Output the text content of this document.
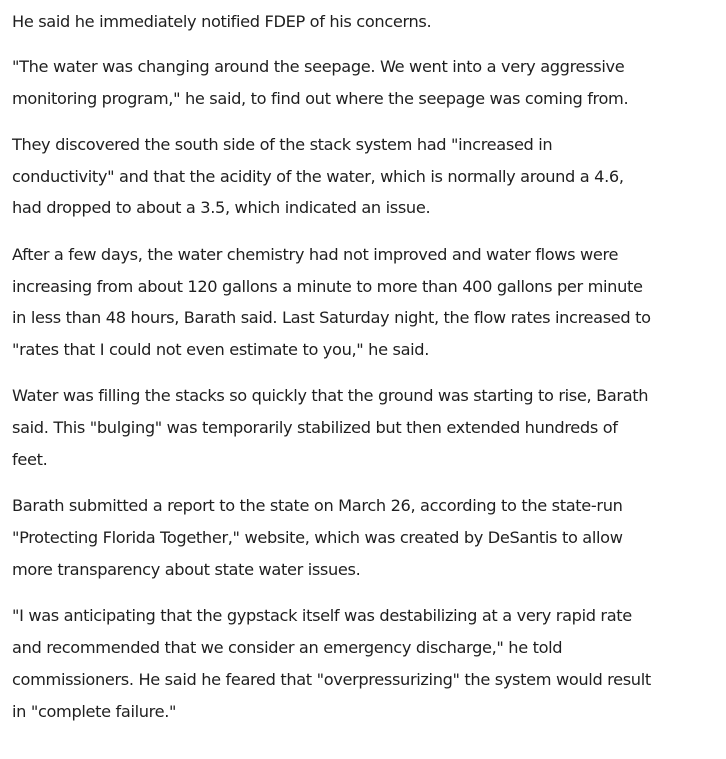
He said he immediately notified FDEP of his concerns.

"The water was changing around the seepage. We went into a very aggressive monitoring program," he said, to find out where the seepage was coming from.

They discovered the south side of the stack system had "increased in conductivity" and that the acidity of the water, which is normally around a 4.6, had dropped to about a 3.5, which indicated an issue.

After a few days, the water chemistry had not improved and water flows were increasing from about 120 gallons a minute to more than 400 gallons per minute in less than 48 hours, Barath said. Last Saturday night, the flow rates increased to "rates that I could not even estimate to you," he said.

Water was filling the stacks so quickly that the ground was starting to rise, Barath said. This "bulging" was temporarily stabilized but then extended hundreds of feet.

Barath submitted a report to the state on March 26, according to the state-run "Protecting Florida Together," website, which was created by DeSantis to allow more transparency about state water issues.

"I was anticipating that the gypstack itself was destabilizing at a very rapid rate and recommended that we consider an emergency discharge," he told commissioners. He said he feared that "overpressurizing" the system would result in "complete failure."
